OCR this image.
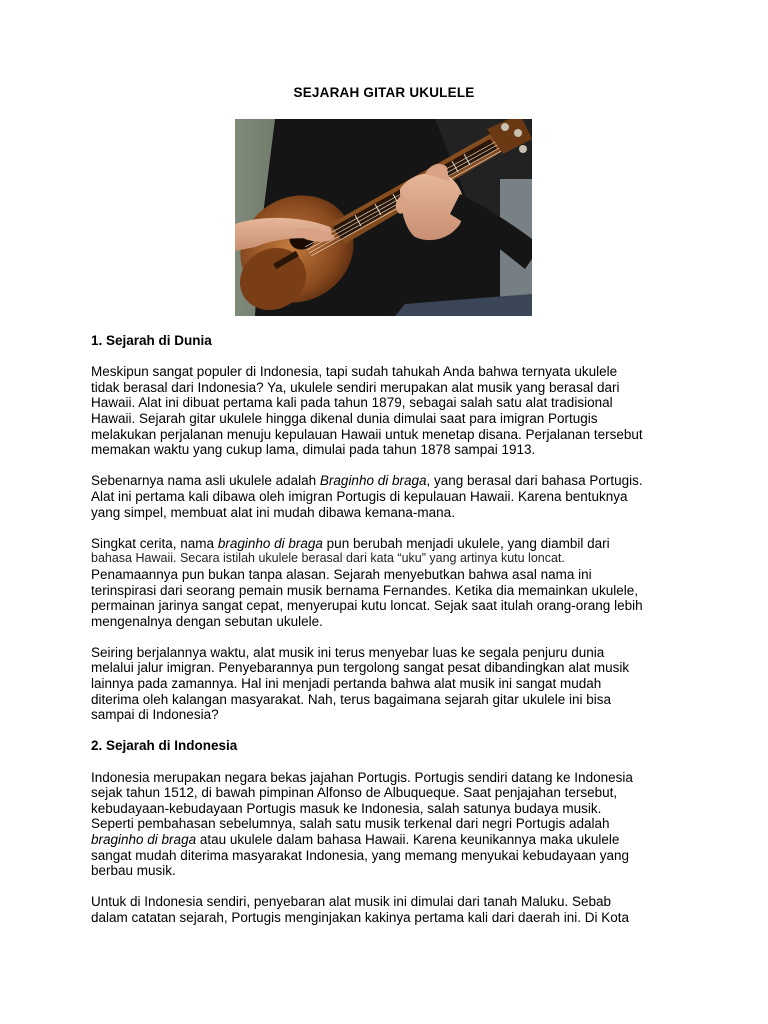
SEJARAH GITAR UKULELE
1. Sejarah di Dunia

Meskipun sangat populer di Indonesia, tapi sudah tahukah Anda bahwa ternyata ukulele
tidak berasal dari Indonesia? Ya, ukulele sendiri merupakan alat musik yang berasal dari
Hawaii. Alat ini dibuat pertama kali pada tahun 1879, sebagai salah satu alat tradisional
Hawaii. Sejarah gitar ukulele hingga dikenal dunia dimulai saat para imigran Portugis
melakukan perjalanan menuju kepulauan Hawaii untuk menetap disana. Perjalanan tersebut
memakan waktu yang cukup lama, dimulai pada tahun 1878 sampai 1913.

Sebenarnya nama asli ukulele adalah Braginho di braga, yang berasal dari bahasa Portugis.
Alat ini pertama kali dibawa oleh imigran Portugis di kepulauan Hawaii. Karena bentuknya
yang simpel, membuat alat ini mudah dibawa kemana-mana.

Singkat cerita, nama braginho di braga pun berubah menjadi ukulele, yang diambil dari
bahasa Hawaii. Secara istilah ukulele berasal dari kata “uku” yang artinya kutu loncat.
Penamaannya pun bukan tanpa alasan. Sejarah menyebutkan bahwa asal nama ini
terinspirasi dari seorang pemain musik bernama Fernandes. Ketika dia memainkan ukulele,
permainan jarinya sangat cepat, menyerupai kutu loncat. Sejak saat itulah orang-orang lebih
mengenalnya dengan sebutan ukulele.

Seiring berjalannya waktu, alat musik ini terus menyebar luas ke segala penjuru dunia
melalui jalur imigran. Penyebarannya pun tergolong sangat pesat dibandingkan alat musik
lainnya pada zamannya. Hal ini menjadi pertanda bahwa alat musik ini sangat mudah
diterima oleh kalangan masyarakat. Nah, terus bagaimana sejarah gitar ukulele ini bisa
sampai di Indonesia?

2. Sejarah di Indonesia

Indonesia merupakan negara bekas jajahan Portugis. Portugis sendiri datang ke Indonesia
sejak tahun 1512, di bawah pimpinan Alfonso de Albuqueque. Saat penjajahan tersebut,
kebudayaan-kebudayaan Portugis masuk ke Indonesia, salah satunya budaya musik.
Seperti pembahasan sebelumnya, salah satu musik terkenal dari negri Portugis adalah
braginho di braga atau ukulele dalam bahasa Hawaii. Karena keunikannya maka ukulele
sangat mudah diterima masyarakat Indonesia, yang memang menyukai kebudayaan yang
berbau musik.

Untuk di Indonesia sendiri, penyebaran alat musik ini dimulai dari tanah Maluku. Sebab
dalam catatan sejarah, Portugis menginjakan kakinya pertama kali dari daerah ini. Di Kota
